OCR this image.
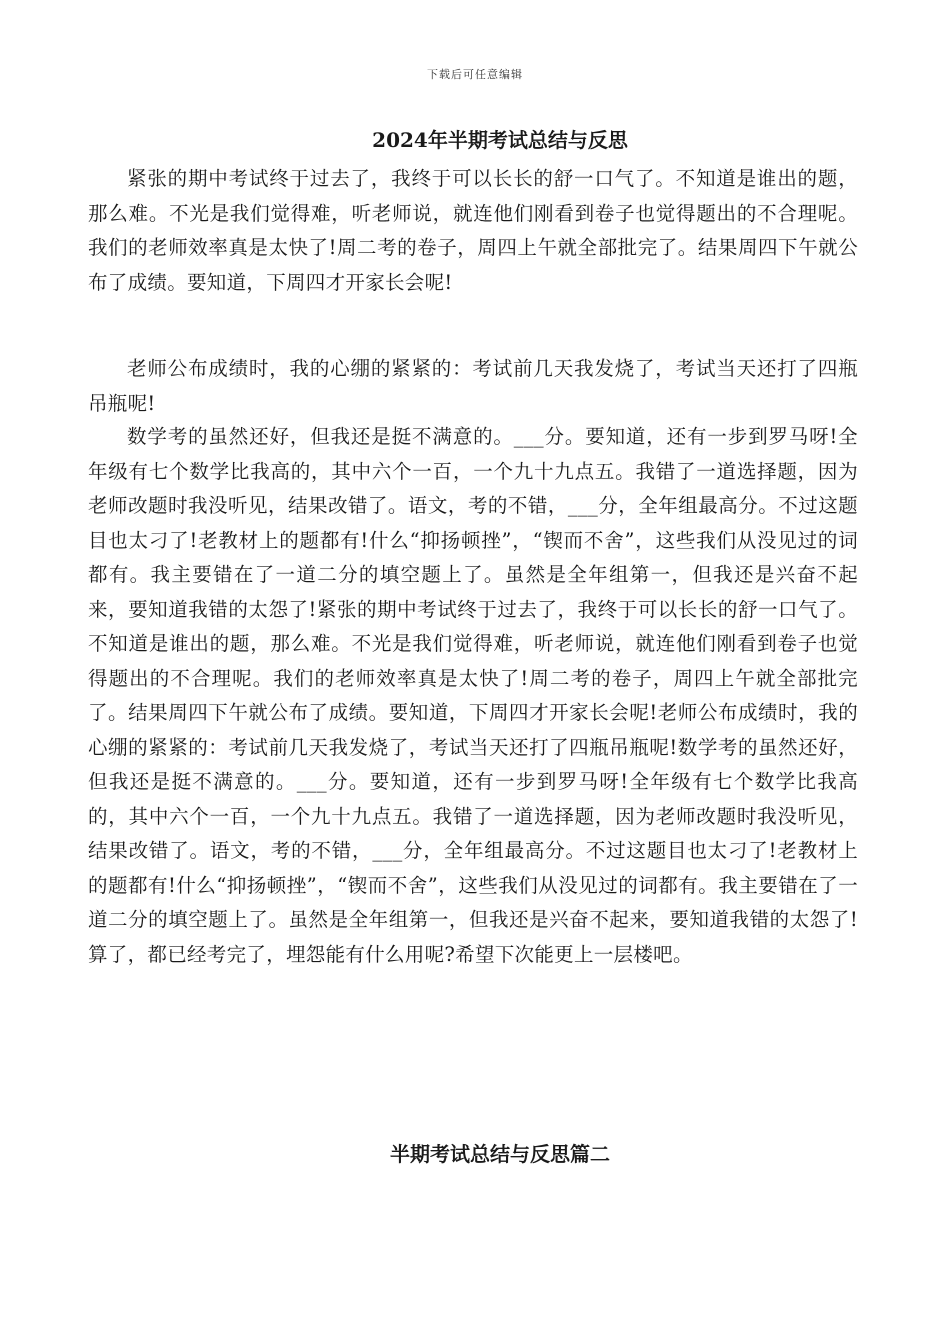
下载后可任意编辑
2024年半期考试总结与反思

紧张的期中考试终于过去了，我终于可以长长的舒一口气了。不知道是谁出的题，那么难。不光是我们觉得难，听老师说，就连他们刚看到卷子也觉得题出的不合理呢。我们的老师效率真是太快了!周二考的卷子，周四上午就全部批完了。结果周四下午就公布了成绩。要知道，下周四才开家长会呢!

老师公布成绩时，我的心绷的紧紧的：考试前几天我发烧了，考试当天还打了四瓶吊瓶呢!

数学考的虽然还好，但我还是挺不满意的。___分。要知道，还有一步到罗马呀!全年级有七个数学比我高的，其中六个一百，一个九十九点五。我错了一道选择题，因为老师改题时我没听见，结果改错了。语文，考的不错，___分，全年组最高分。不过这题目也太刁了!老教材上的题都有!什么“抑扬顿挫”，“锲而不舍”，这些我们从没见过的词都有。我主要错在了一道二分的填空题上了。虽然是全年组第一，但我还是兴奋不起来，要知道我错的太怨了!紧张的期中考试终于过去了，我终于可以长长的舒一口气了。不知道是谁出的题，那么难。不光是我们觉得难，听老师说，就连他们刚看到卷子也觉得题出的不合理呢。我们的老师效率真是太快了!周二考的卷子，周四上午就全部批完了。结果周四下午就公布了成绩。要知道，下周四才开家长会呢!老师公布成绩时，我的心绷的紧紧的：考试前几天我发烧了，考试当天还打了四瓶吊瓶呢!数学考的虽然还好，但我还是挺不满意的。___分。要知道，还有一步到罗马呀!全年级有七个数学比我高的，其中六个一百，一个九十九点五。我错了一道选择题，因为老师改题时我没听见，结果改错了。语文，考的不错，___分，全年组最高分。不过这题目也太刁了!老教材上的题都有!什么“抑扬顿挫”，“锲而不舍”，这些我们从没见过的词都有。我主要错在了一道二分的填空题上了。虽然是全年组第一，但我还是兴奋不起来，要知道我错的太怨了!算了，都已经考完了，埋怨能有什么用呢?希望下次能更上一层楼吧。

半期考试总结与反思篇二
